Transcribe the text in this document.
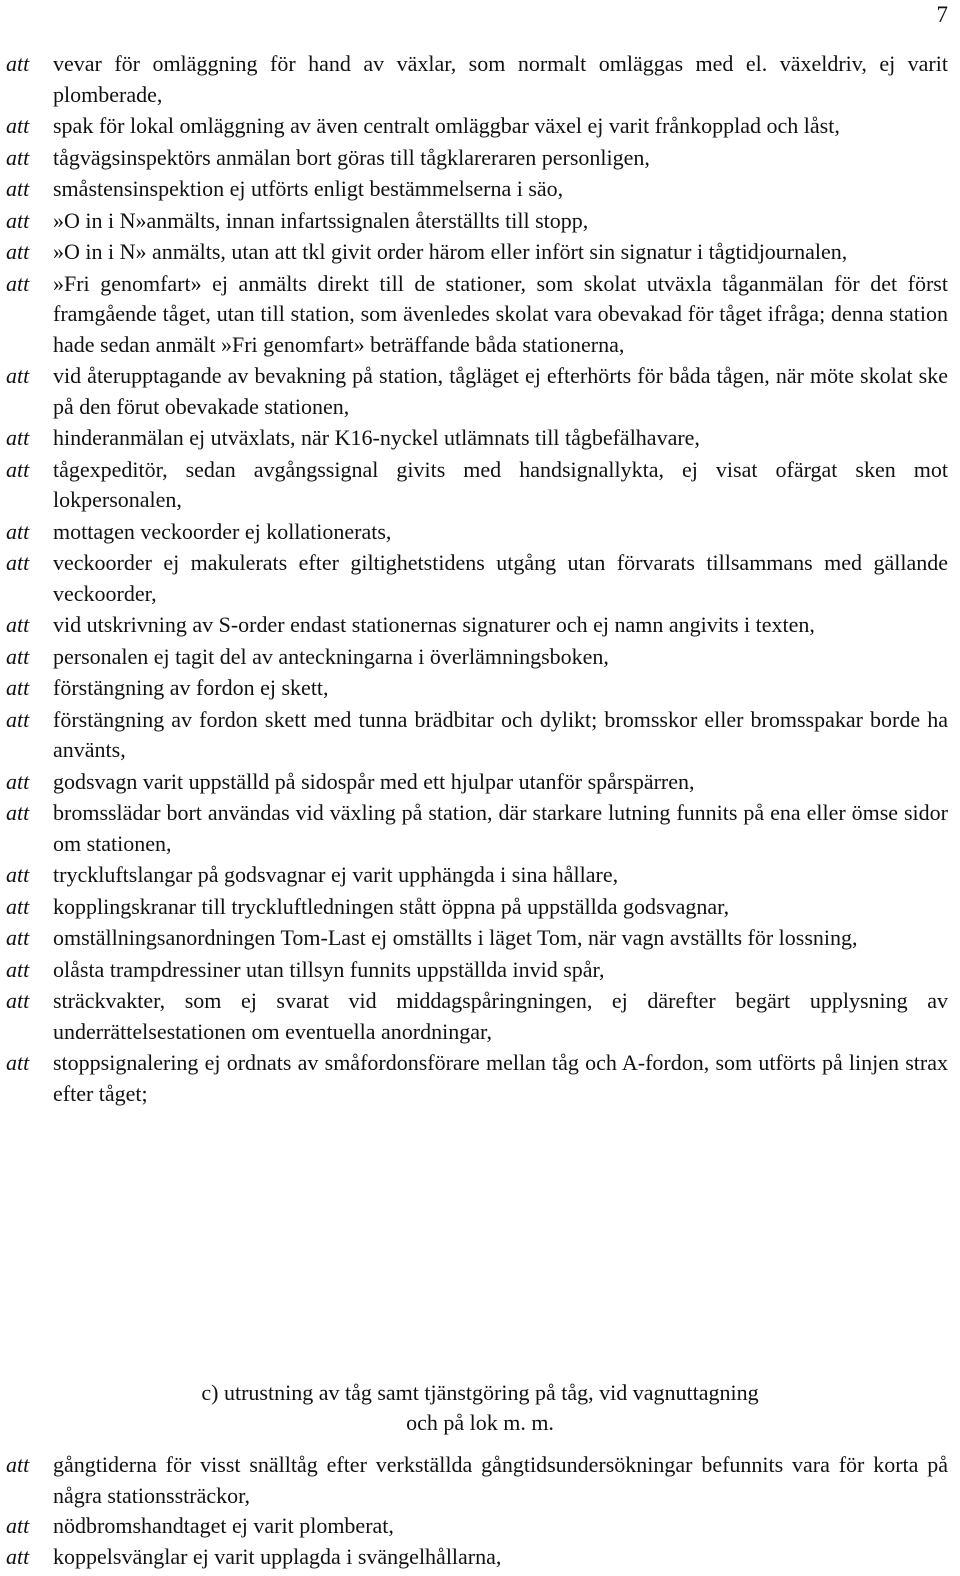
7

att	vevar för omläggning för hand av växlar, som normalt omläggas med el. växeldriv, ej varit plomberade,

att	spak för lokal omläggning av även centralt omläggbar växel ej varit frånkopplad och låst,

att	tågvägsinspektörs anmälan bort göras till tågklareraren personligen,

att	småstensinspektion ej utförts enligt bestämmelserna i säo,

att	»O in i N»anmälts, innan infartssignalen återställts till stopp,

att	»O in i N» anmälts, utan att tkl givit order härom eller infört sin signatur i tågtidjournalen,

att	»Fri genomfart» ej anmälts direkt till de stationer, som skolat utväxla tåganmälan för det först framgående tåget, utan till station, som ävenledes skolat vara obevakad för tåget ifråga; denna station hade sedan anmält »Fri genomfart» beträffande båda stationerna,

att	vid återupptagande av bevakning på station, tågläget ej efterhörts för båda tågen, när möte skolat ske på den förut obevakade stationen,

att	hinderanmälan ej utväxlats, när K16-nyckel utlämnats till tågbefälhavare,

att	tågexpeditör, sedan avgångssignal givits med handsignallykta, ej visat ofärgat sken mot lokpersonalen,

att	mottagen veckoorder ej kollationerats,

att	veckoorder ej makulerats efter giltighetstidens utgång utan förvarats tillsammans med gällande veckoorder,

att	vid utskrivning av S-order endast stationernas signaturer och ej namn angivits i texten,

att	personalen ej tagit del av anteckningarna i överlämningsboken,

att	förstängning av fordon ej skett,

att	förstängning av fordon skett med tunna brädbitar och dylikt; bromsskor eller bromsspakar borde ha använts,

att	godsvagn varit uppställd på sidospår med ett hjulpar utanför spårspärren,

att	bromsslädar bort användas vid växling på station, där starkare lutning funnits på ena eller ömse sidor om stationen,

att	tryckluftslangar på godsvagnar ej varit upphängda i sina hållare,

att	kopplingskranar till tryckluftledningen stått öppna på uppställda godsvagnar,

att	omställningsanordningen Tom-Last ej omställts i läget Tom, när vagn avställts för lossning,

att	olåsta trampdressiner utan tillsyn funnits uppställda invid spår,

att	sträckvakter, som ej svarat vid middagspåringningen, ej därefter begärt upplysning av underrättelsestationen om eventuella anordningar,

att	stoppsignalering ej ordnats av småfordonsförare mellan tåg och A-fordon, som utförts på linjen strax efter tåget;

c) utrustning av tåg samt tjänstgöring på tåg, vid vagnuttagning
och på lok m. m.

att	gångtiderna för visst snälltåg efter verkställda gångtidsundersökningar befunnits vara för korta på några stationssträckor,

att	nödbromshandtaget ej varit plomberat,

att	koppelsvänglar ej varit upplagda i svängelhållarna,
